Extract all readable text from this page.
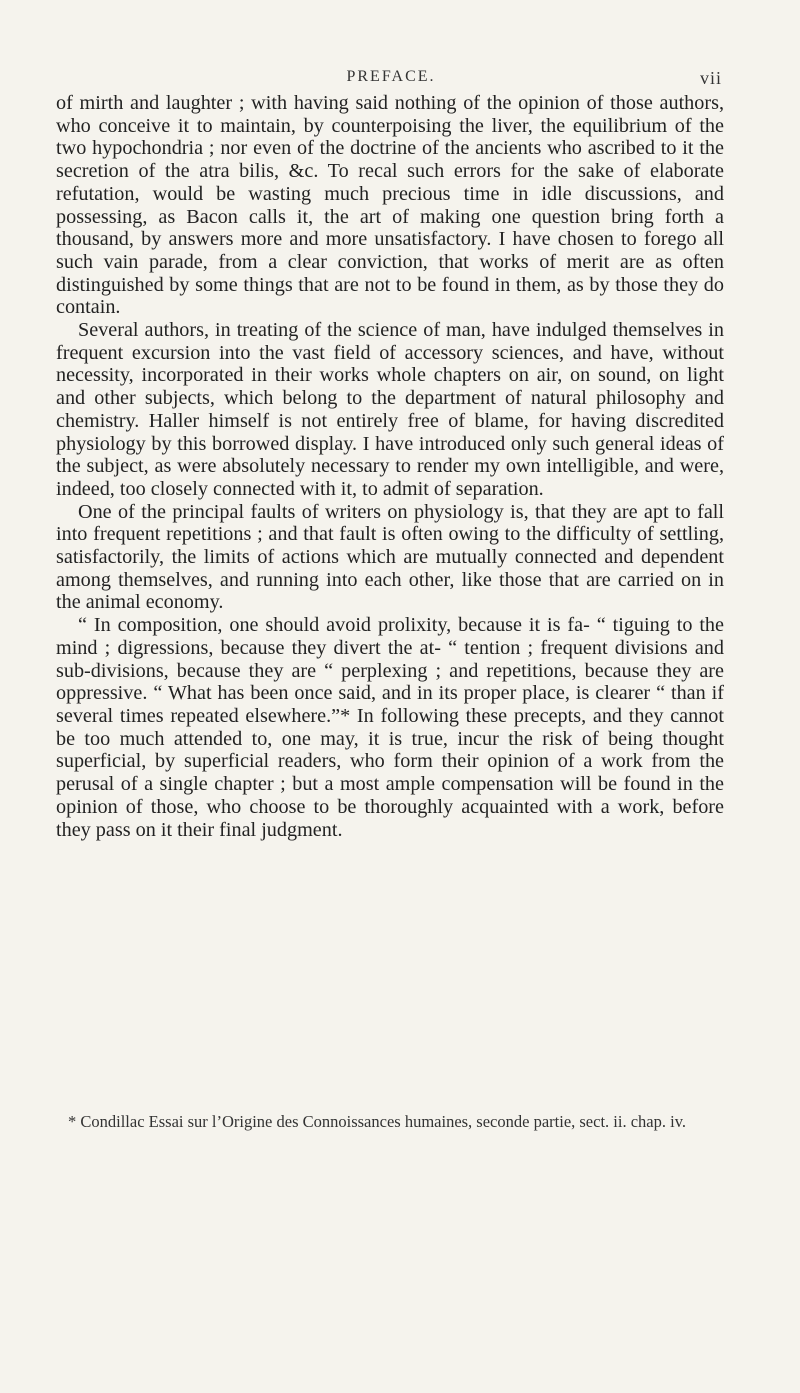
PREFACE.	vii

of mirth and laughter ; with having said nothing of the opinion of those authors, who conceive it to maintain, by counterpoising the liver, the equilibrium of the two hypochondria ; nor even of the doctrine of the ancients who ascribed to it the secretion of the atra bilis, &c. To recal such errors for the sake of elaborate refutation, would be wasting much precious time in idle discussions, and possessing, as Bacon calls it, the art of making one question bring forth a thousand, by answers more and more unsatisfactory. I have chosen to forego all such vain parade, from a clear conviction, that works of merit are as often distinguished by some things that are not to be found in them, as by those they do contain.

Several authors, in treating of the science of man, have indulged themselves in frequent excursion into the vast field of accessory sciences, and have, without necessity, incorporated in their works whole chapters on air, on sound, on light and other subjects, which belong to the department of natural philosophy and chemistry. Haller himself is not entirely free of blame, for having discredited physiology by this borrowed display. I have introduced only such general ideas of the subject, as were absolutely necessary to render my own intelligible, and were, indeed, too closely connected with it, to admit of separation.

One of the principal faults of writers on physiology is, that they are apt to fall into frequent repetitions ; and that fault is often owing to the difficulty of settling, satisfactorily, the limits of actions which are mutually connected and dependent among themselves, and running into each other, like those that are carried on in the animal economy.

“ In composition, one should avoid prolixity, because it is fa- “ tiguing to the mind ; digressions, because they divert the at- “ tention ; frequent divisions and sub-divisions, because they are “ perplexing ; and repetitions, because they are oppressive. “ What has been once said, and in its proper place, is clearer “ than if several times repeated elsewhere.”* In following these precepts, and they cannot be too much attended to, one may, it is true, incur the risk of being thought superficial, by superficial readers, who form their opinion of a work from the perusal of a single chapter ; but a most ample compensation will be found in the opinion of those, who choose to be thoroughly acquainted with a work, before they pass on it their final judgment.

* Condillac Essai sur l’Origine des Connoissances humaines, seconde partie, sect. ii. chap. iv.
